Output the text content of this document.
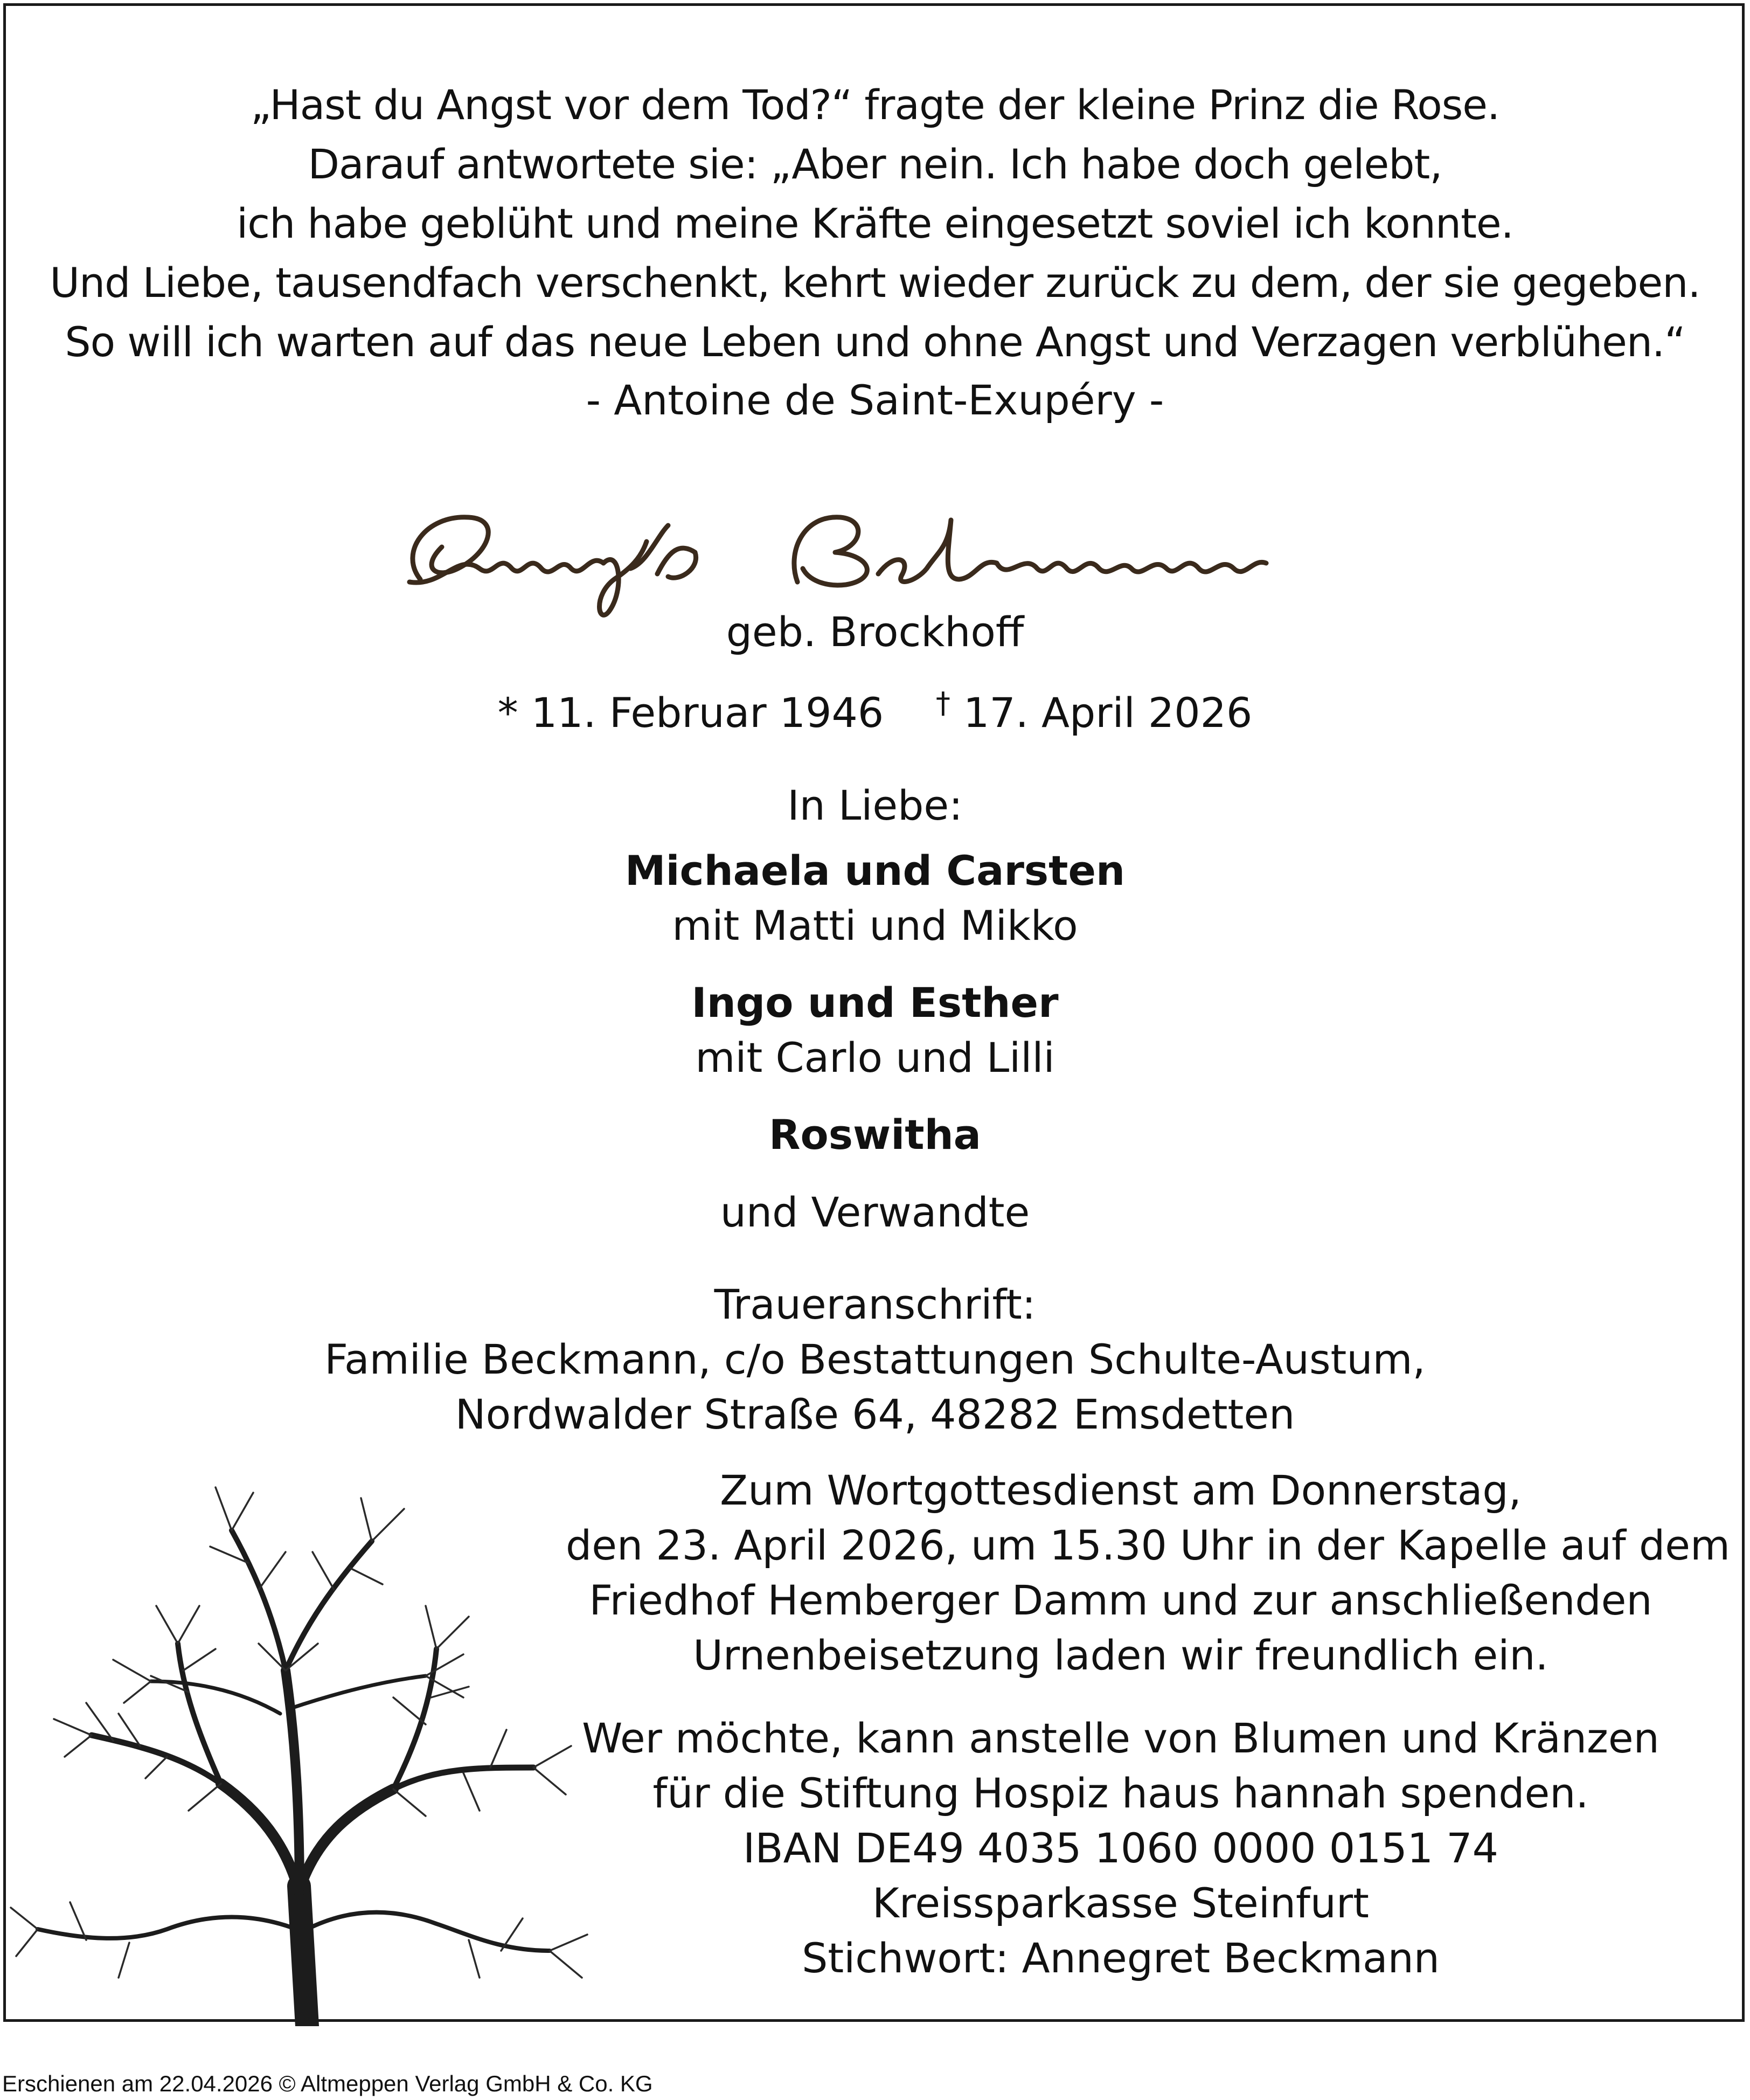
„Hast du Angst vor dem Tod?“ fragte der kleine Prinz die Rose.
Darauf antwortete sie: „Aber nein. Ich habe doch gelebt,
ich habe geblüht und meine Kräfte eingesetzt soviel ich konnte.
Und Liebe, tausendfach verschenkt, kehrt wieder zurück zu dem, der sie gegeben.
So will ich warten auf das neue Leben und ohne Angst und Verzagen verblühen.“
- Antoine de Saint-Exupéry -
geb. Brockhoff
* 11. Februar 1946 † 17. April 2026
In Liebe:
Michaela und Carsten
mit Matti und Mikko
Ingo und Esther
mit Carlo und Lilli
Roswitha
und Verwandte
Traueranschrift:
Familie Beckmann, c/o Bestattungen Schulte-Austum,
Nordwalder Straße 64, 48282 Emsdetten
Zum Wortgottesdienst am Donnerstag,
den 23. April 2026, um 15.30 Uhr in der Kapelle auf dem
Friedhof Hemberger Damm und zur anschließenden
Urnenbeisetzung laden wir freundlich ein.
Wer möchte, kann anstelle von Blumen und Kränzen
für die Stiftung Hospiz haus hannah spenden.
IBAN DE49 4035 1060 0000 0151 74
Kreissparkasse Steinfurt
Stichwort: Annegret Beckmann
Erschienen am 22.04.2026 © Altmeppen Verlag GmbH & Co. KG
